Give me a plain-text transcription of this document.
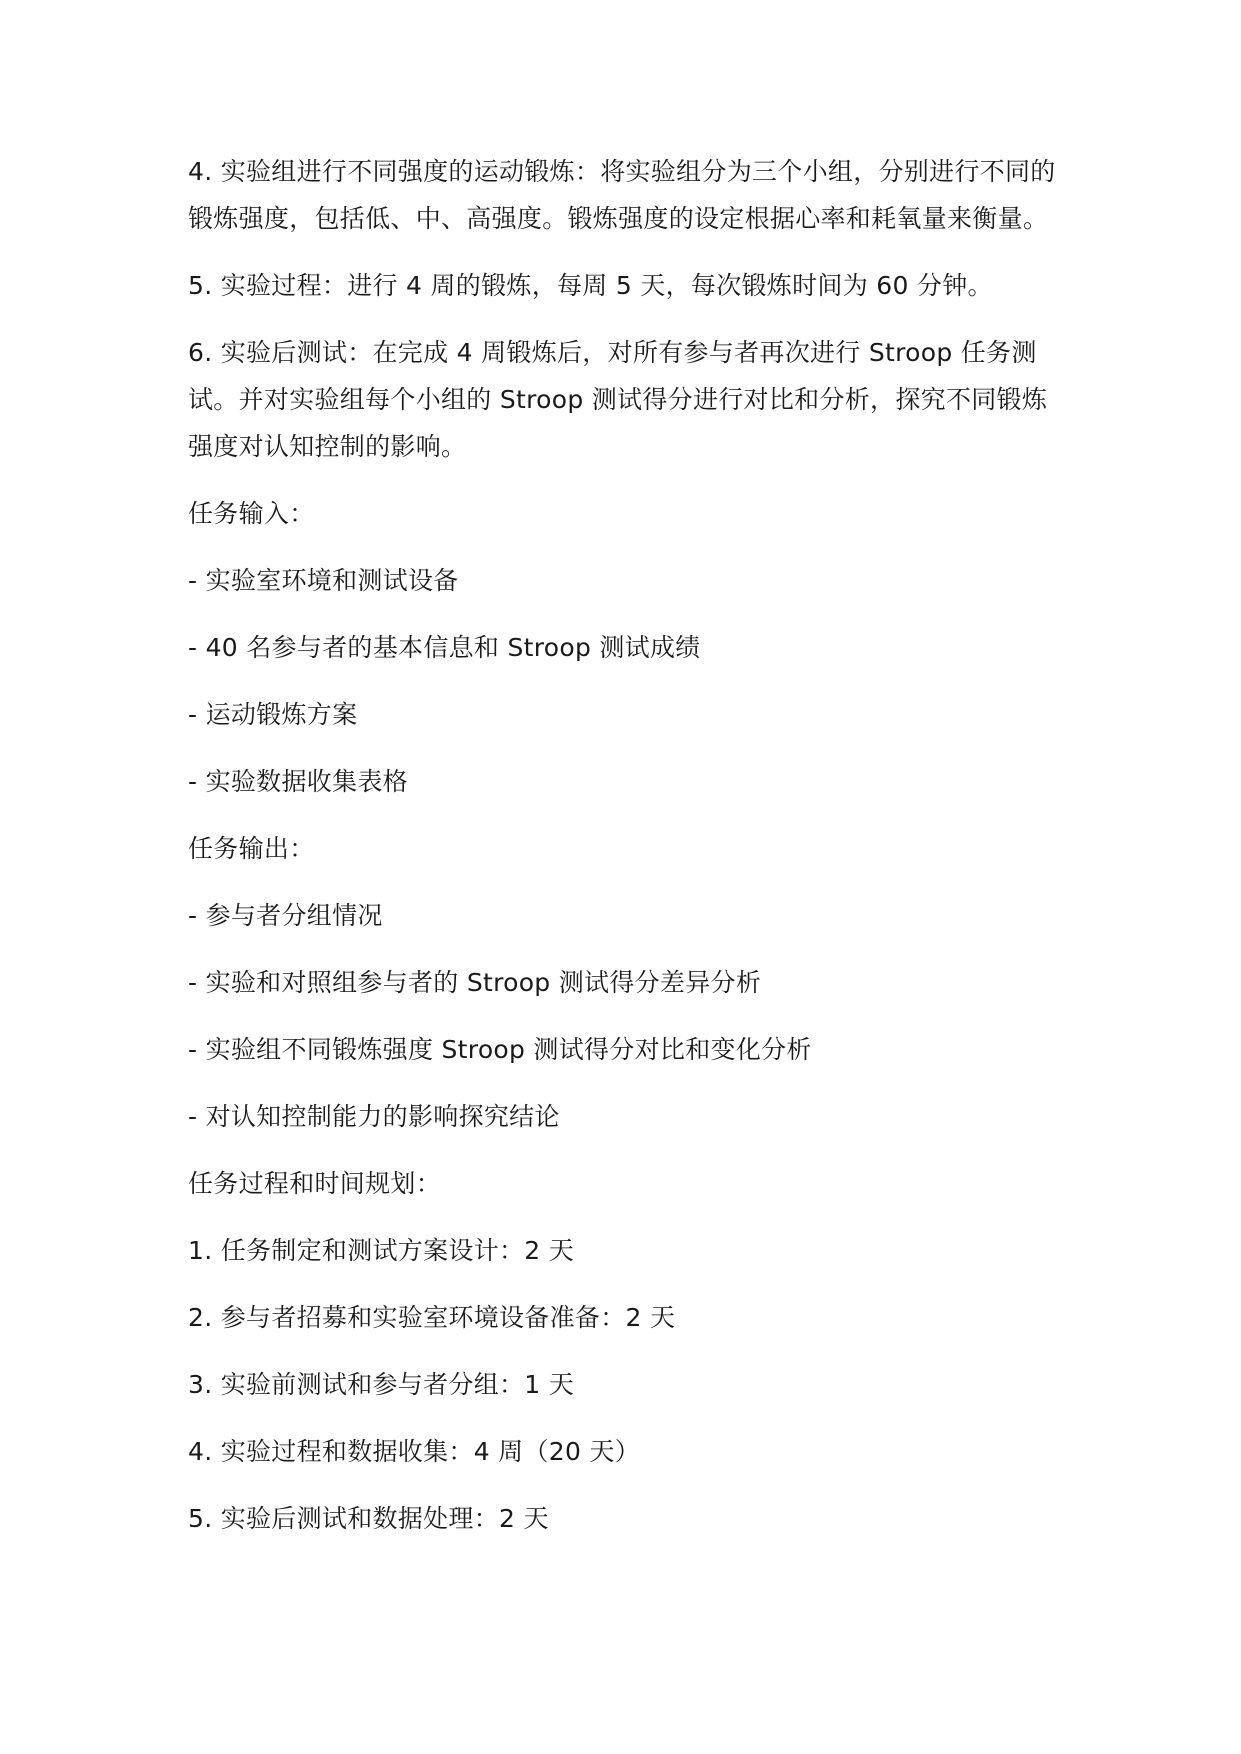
4. 实验组进行不同强度的运动锻炼：将实验组分为三个小组，分别进行不同的锻炼强度，包括低、中、高强度。锻炼强度的设定根据心率和耗氧量来衡量。

5. 实验过程：进行 4 周的锻炼，每周 5 天，每次锻炼时间为 60 分钟。

6. 实验后测试：在完成 4 周锻炼后，对所有参与者再次进行 Stroop 任务测试。并对实验组每个小组的 Stroop 测试得分进行对比和分析，探究不同锻炼强度对认知控制的影响。

任务输入：

- 实验室环境和测试设备

- 40 名参与者的基本信息和 Stroop 测试成绩

- 运动锻炼方案

- 实验数据收集表格

任务输出：

- 参与者分组情况

- 实验和对照组参与者的 Stroop 测试得分差异分析

- 实验组不同锻炼强度 Stroop 测试得分对比和变化分析

- 对认知控制能力的影响探究结论

任务过程和时间规划：

1. 任务制定和测试方案设计：2 天

2. 参与者招募和实验室环境设备准备：2 天

3. 实验前测试和参与者分组：1 天

4. 实验过程和数据收集：4 周（20 天）

5. 实验后测试和数据处理：2 天
